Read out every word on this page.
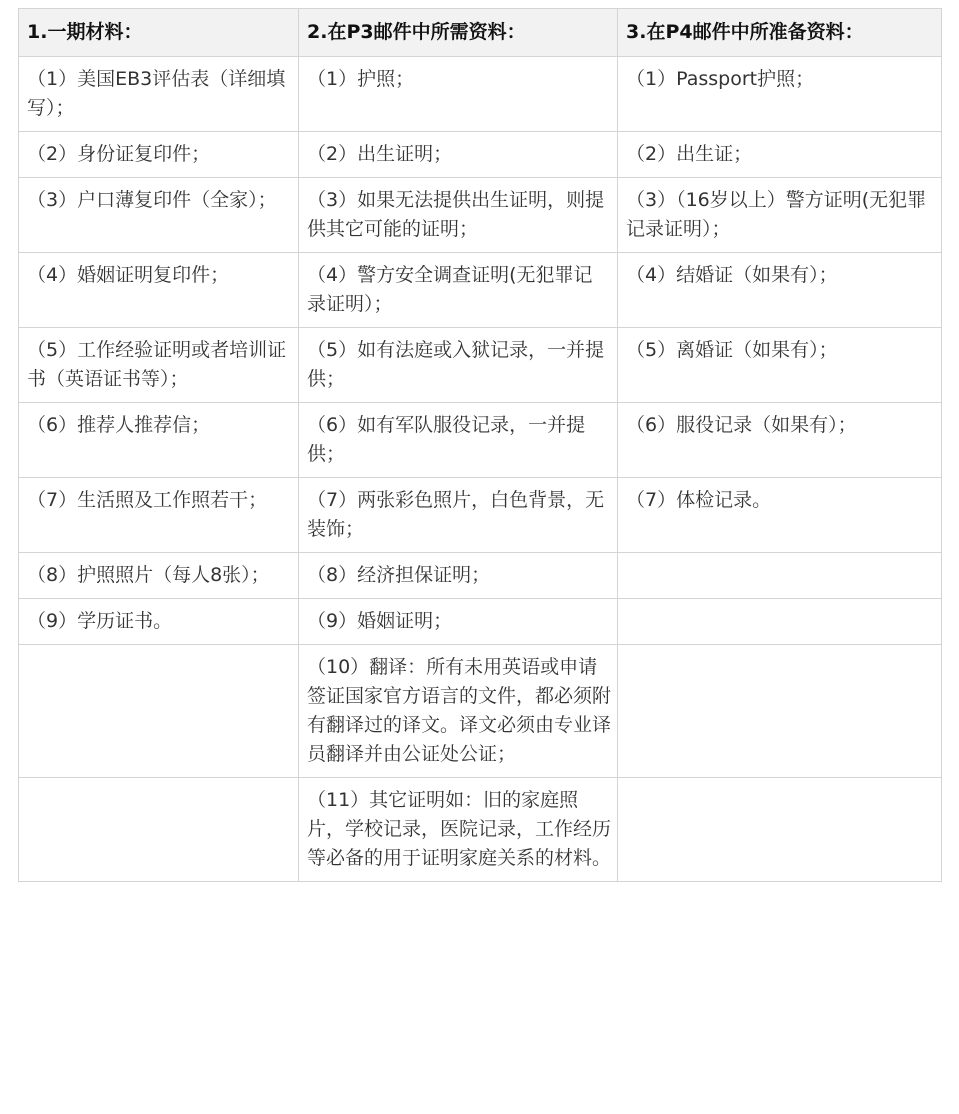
1.一期材料：	2.在P3邮件中所需资料：	3.在P4邮件中所准备资料：
（1）美国EB3评估表（详细填写）；	（1）护照；	（1）Passport护照；
（2）身份证复印件；	（2）出生证明；	（2）出生证；
（3）户口薄复印件（全家）；	（3）如果无法提供出生证明，则提供其它可能的证明；	（3）（16岁以上）警方证明(无犯罪记录证明）；
（4）婚姻证明复印件；	（4）警方安全调查证明(无犯罪记录证明）；	（4）结婚证（如果有）；
（5）工作经验证明或者培训证书（英语证书等）；	（5）如有法庭或入狱记录，一并提供；	（5）离婚证（如果有）；
（6）推荐人推荐信；	（6）如有军队服役记录，一并提供；	（6）服役记录（如果有）；
（7）生活照及工作照若干；	（7）两张彩色照片，白色背景，无装饰；	（7）体检记录。
（8）护照照片（每人8张）；	（8）经济担保证明；	
（9）学历证书。	（9）婚姻证明；	
	（10）翻译：所有未用英语或申请签证国家官方语言的文件，都必须附有翻译过的译文。译文必须由专业译员翻译并由公证处公证；	
	（11）其它证明如：旧的家庭照片，学校记录，医院记录，工作经历等必备的用于证明家庭关系的材料。	
